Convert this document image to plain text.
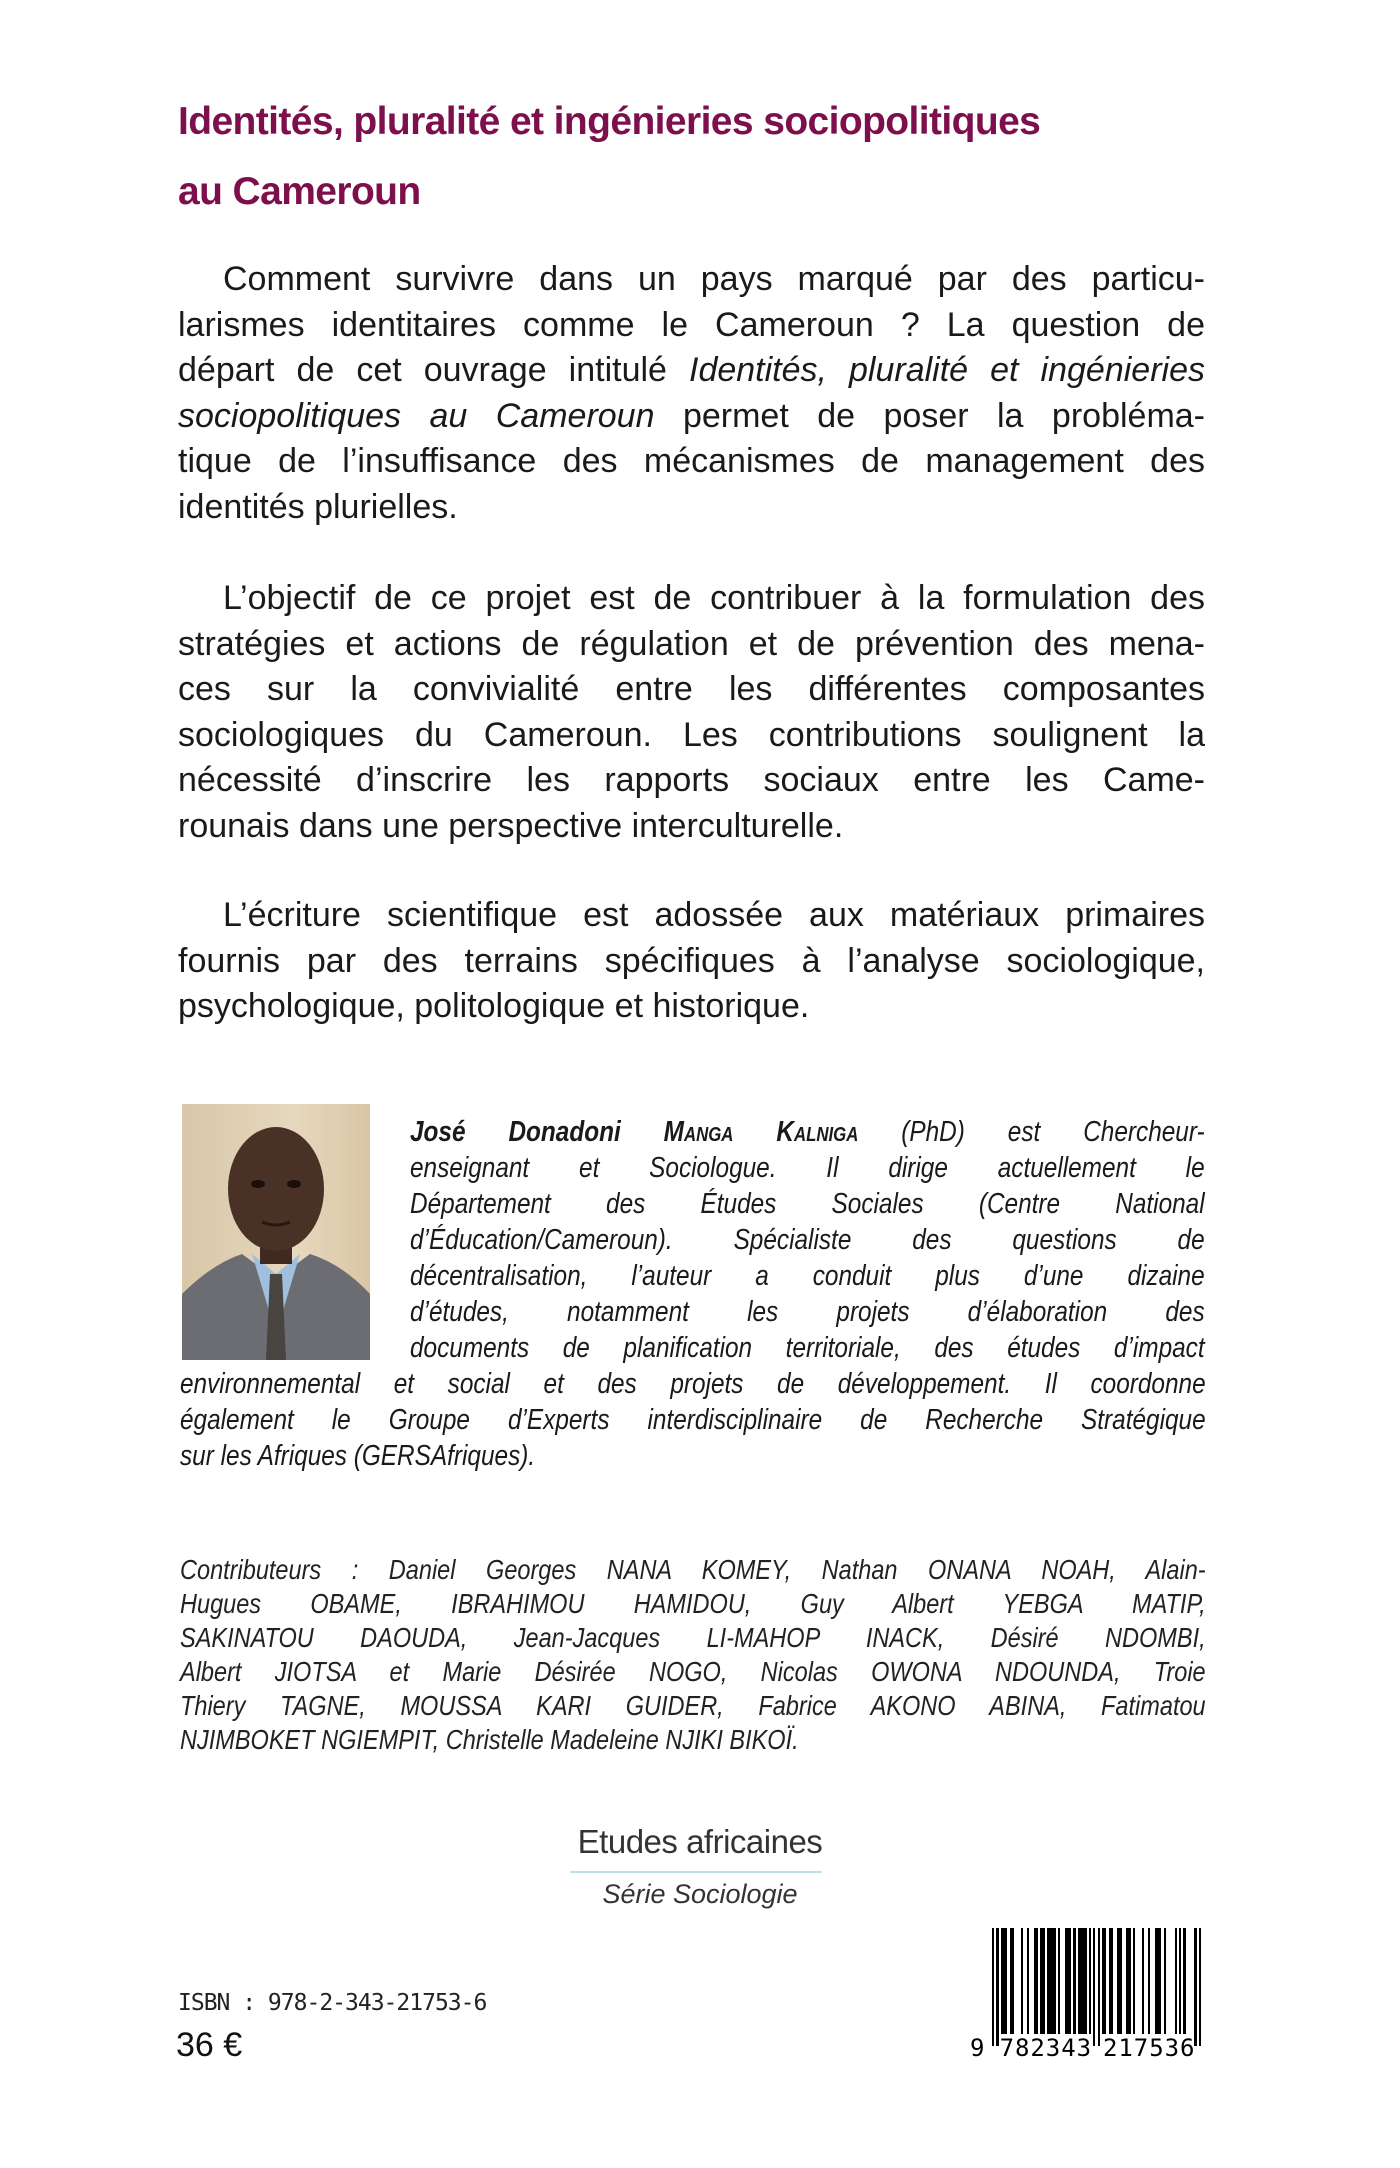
Identités, pluralité et ingénieries sociopolitiques
au Cameroun
Comment survivre dans un pays marqué par des particu-
larismes identitaires comme le Cameroun ? La question de
départ de cet ouvrage intitulé Identités, pluralité et ingénieries
sociopolitiques au Cameroun permet de poser la probléma-
tique de l’insuffisance des mécanismes de management des
identités plurielles.
L’objectif de ce projet est de contribuer à la formulation des
stratégies et actions de régulation et de prévention des mena-
ces sur la convivialité entre les différentes composantes
sociologiques du Cameroun. Les contributions soulignent la
nécessité d’inscrire les rapports sociaux entre les Came-
rounais dans une perspective interculturelle.
L’écriture scientifique est adossée aux matériaux primaires
fournis par des terrains spécifiques à l’analyse sociologique,
psychologique, politologique et historique.
José Donadoni Manga Kalniga (PhD) est Chercheur-
enseignant et Sociologue. Il dirige actuellement le
Département des Études Sociales (Centre National
d’Éducation/Cameroun). Spécialiste des questions de
décentralisation, l’auteur a conduit plus d’une dizaine
d’études, notamment les projets d’élaboration des
documents de planification territoriale, des études d’impact
environnemental et social et des projets de développement. Il coordonne
également le Groupe d’Experts interdisciplinaire de Recherche Stratégique
sur les Afriques (GERSAfriques).
Contributeurs : Daniel Georges NANA KOMEY, Nathan ONANA NOAH, Alain-
Hugues OBAME, IBRAHIMOU HAMIDOU, Guy Albert YEBGA MATIP,
SAKINATOU DAOUDA, Jean-Jacques LI-MAHOP INACK, Désiré NDOMBI,
Albert JIOTSA et Marie Désirée NOGO, Nicolas OWONA NDOUNDA, Troie
Thiery TAGNE, MOUSSA KARI GUIDER, Fabrice AKONO ABINA, Fatimatou
NJIMBOKET NGIEMPIT, Christelle Madeleine NJIKI BIKOÏ.
Etudes africaines
Série Sociologie
ISBN : 978-2-343-21753-6
36 €	9 7 8 2 3 4 3 2 1 7 5 3 6
